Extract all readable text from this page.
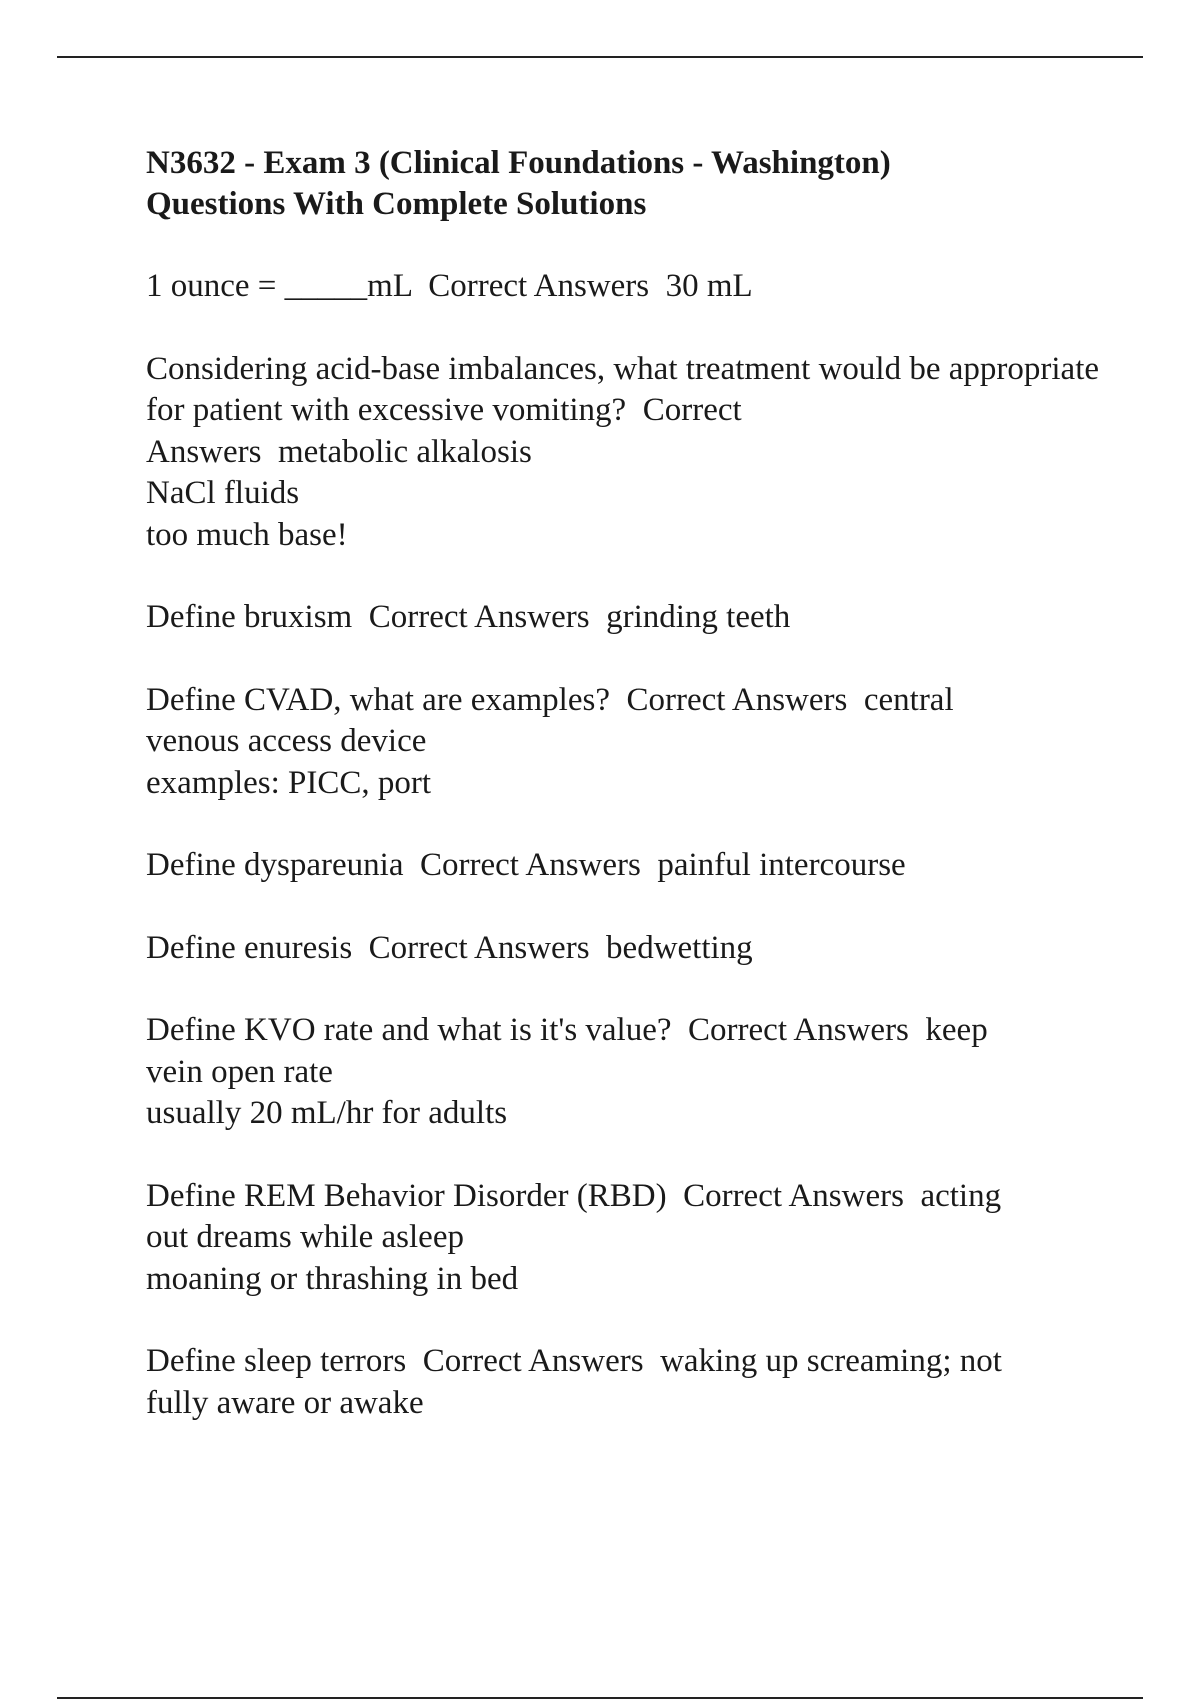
N3632 - Exam 3 (Clinical Foundations - Washington)
Questions With Complete Solutions
1 ounce = _____mL  Correct Answers  30 mL
Considering acid-base imbalances, what treatment would be appropriate for patient with excessive vomiting?  Correct
Answers  metabolic alkalosis
NaCl fluids
too much base!
Define bruxism  Correct Answers  grinding teeth
Define CVAD, what are examples?  Correct Answers  central
venous access device
examples: PICC, port
Define dyspareunia  Correct Answers  painful intercourse
Define enuresis  Correct Answers  bedwetting
Define KVO rate and what is it's value?  Correct Answers  keep
vein open rate
usually 20 mL/hr for adults
Define REM Behavior Disorder (RBD)  Correct Answers  acting
out dreams while asleep
moaning or thrashing in bed
Define sleep terrors  Correct Answers  waking up screaming; not
fully aware or awake
